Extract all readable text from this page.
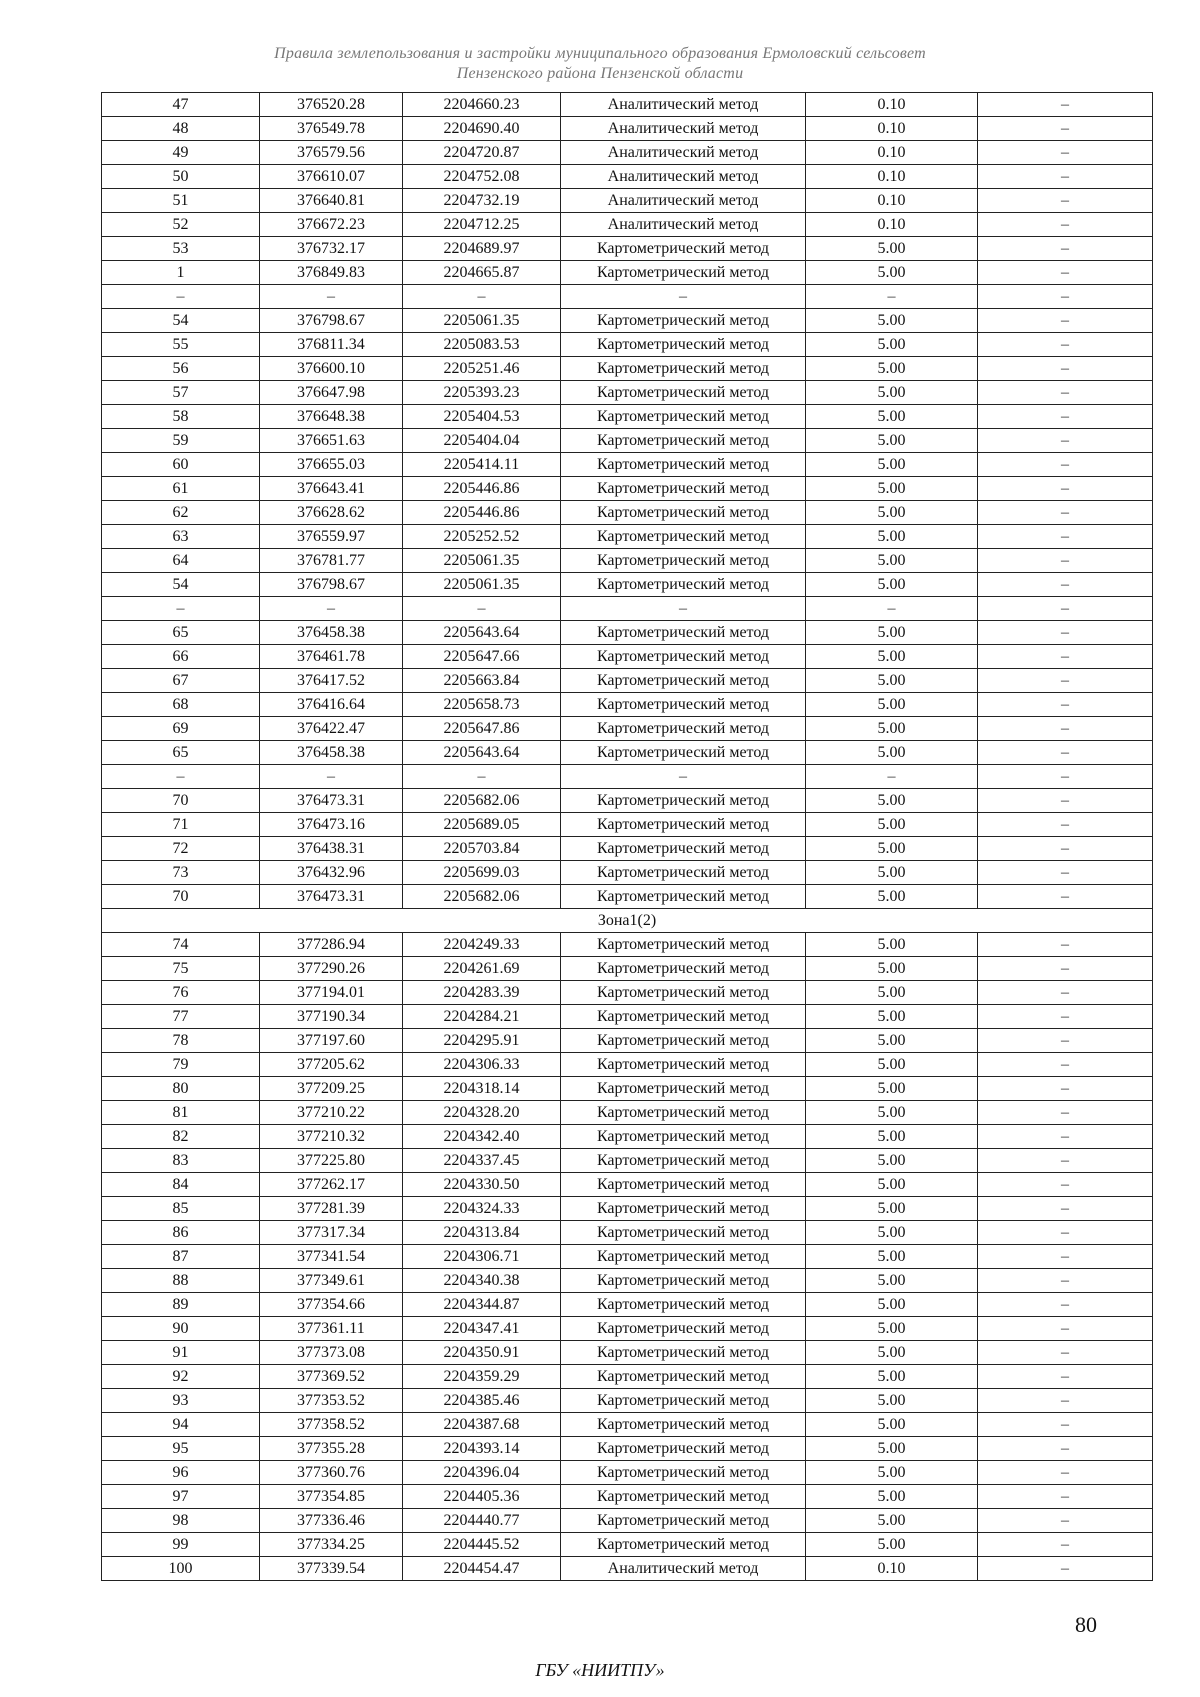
Правила землепользования и застройки муниципального образования Ермоловский сельсовет
Пензенского района Пензенской области
47	376520.28	2204660.23	Аналитический метод	0.10	–
48	376549.78	2204690.40	Аналитический метод	0.10	–
49	376579.56	2204720.87	Аналитический метод	0.10	–
50	376610.07	2204752.08	Аналитический метод	0.10	–
51	376640.81	2204732.19	Аналитический метод	0.10	–
52	376672.23	2204712.25	Аналитический метод	0.10	–
53	376732.17	2204689.97	Картометрический метод	5.00	–
1	376849.83	2204665.87	Картометрический метод	5.00	–
–	–	–	–	–	–
54	376798.67	2205061.35	Картометрический метод	5.00	–
55	376811.34	2205083.53	Картометрический метод	5.00	–
56	376600.10	2205251.46	Картометрический метод	5.00	–
57	376647.98	2205393.23	Картометрический метод	5.00	–
58	376648.38	2205404.53	Картометрический метод	5.00	–
59	376651.63	2205404.04	Картометрический метод	5.00	–
60	376655.03	2205414.11	Картометрический метод	5.00	–
61	376643.41	2205446.86	Картометрический метод	5.00	–
62	376628.62	2205446.86	Картометрический метод	5.00	–
63	376559.97	2205252.52	Картометрический метод	5.00	–
64	376781.77	2205061.35	Картометрический метод	5.00	–
54	376798.67	2205061.35	Картометрический метод	5.00	–
–	–	–	–	–	–
65	376458.38	2205643.64	Картометрический метод	5.00	–
66	376461.78	2205647.66	Картометрический метод	5.00	–
67	376417.52	2205663.84	Картометрический метод	5.00	–
68	376416.64	2205658.73	Картометрический метод	5.00	–
69	376422.47	2205647.86	Картометрический метод	5.00	–
65	376458.38	2205643.64	Картометрический метод	5.00	–
–	–	–	–	–	–
70	376473.31	2205682.06	Картометрический метод	5.00	–
71	376473.16	2205689.05	Картометрический метод	5.00	–
72	376438.31	2205703.84	Картометрический метод	5.00	–
73	376432.96	2205699.03	Картометрический метод	5.00	–
70	376473.31	2205682.06	Картометрический метод	5.00	–
Зона1(2)					
74	377286.94	2204249.33	Картометрический метод	5.00	–
75	377290.26	2204261.69	Картометрический метод	5.00	–
76	377194.01	2204283.39	Картометрический метод	5.00	–
77	377190.34	2204284.21	Картометрический метод	5.00	–
78	377197.60	2204295.91	Картометрический метод	5.00	–
79	377205.62	2204306.33	Картометрический метод	5.00	–
80	377209.25	2204318.14	Картометрический метод	5.00	–
81	377210.22	2204328.20	Картометрический метод	5.00	–
82	377210.32	2204342.40	Картометрический метод	5.00	–
83	377225.80	2204337.45	Картометрический метод	5.00	–
84	377262.17	2204330.50	Картометрический метод	5.00	–
85	377281.39	2204324.33	Картометрический метод	5.00	–
86	377317.34	2204313.84	Картометрический метод	5.00	–
87	377341.54	2204306.71	Картометрический метод	5.00	–
88	377349.61	2204340.38	Картометрический метод	5.00	–
89	377354.66	2204344.87	Картометрический метод	5.00	–
90	377361.11	2204347.41	Картометрический метод	5.00	–
91	377373.08	2204350.91	Картометрический метод	5.00	–
92	377369.52	2204359.29	Картометрический метод	5.00	–
93	377353.52	2204385.46	Картометрический метод	5.00	–
94	377358.52	2204387.68	Картометрический метод	5.00	–
95	377355.28	2204393.14	Картометрический метод	5.00	–
96	377360.76	2204396.04	Картометрический метод	5.00	–
97	377354.85	2204405.36	Картометрический метод	5.00	–
98	377336.46	2204440.77	Картометрический метод	5.00	–
99	377334.25	2204445.52	Картометрический метод	5.00	–
100	377339.54	2204454.47	Аналитический метод	0.10	–
80
ГБУ «НИИТПУ»
